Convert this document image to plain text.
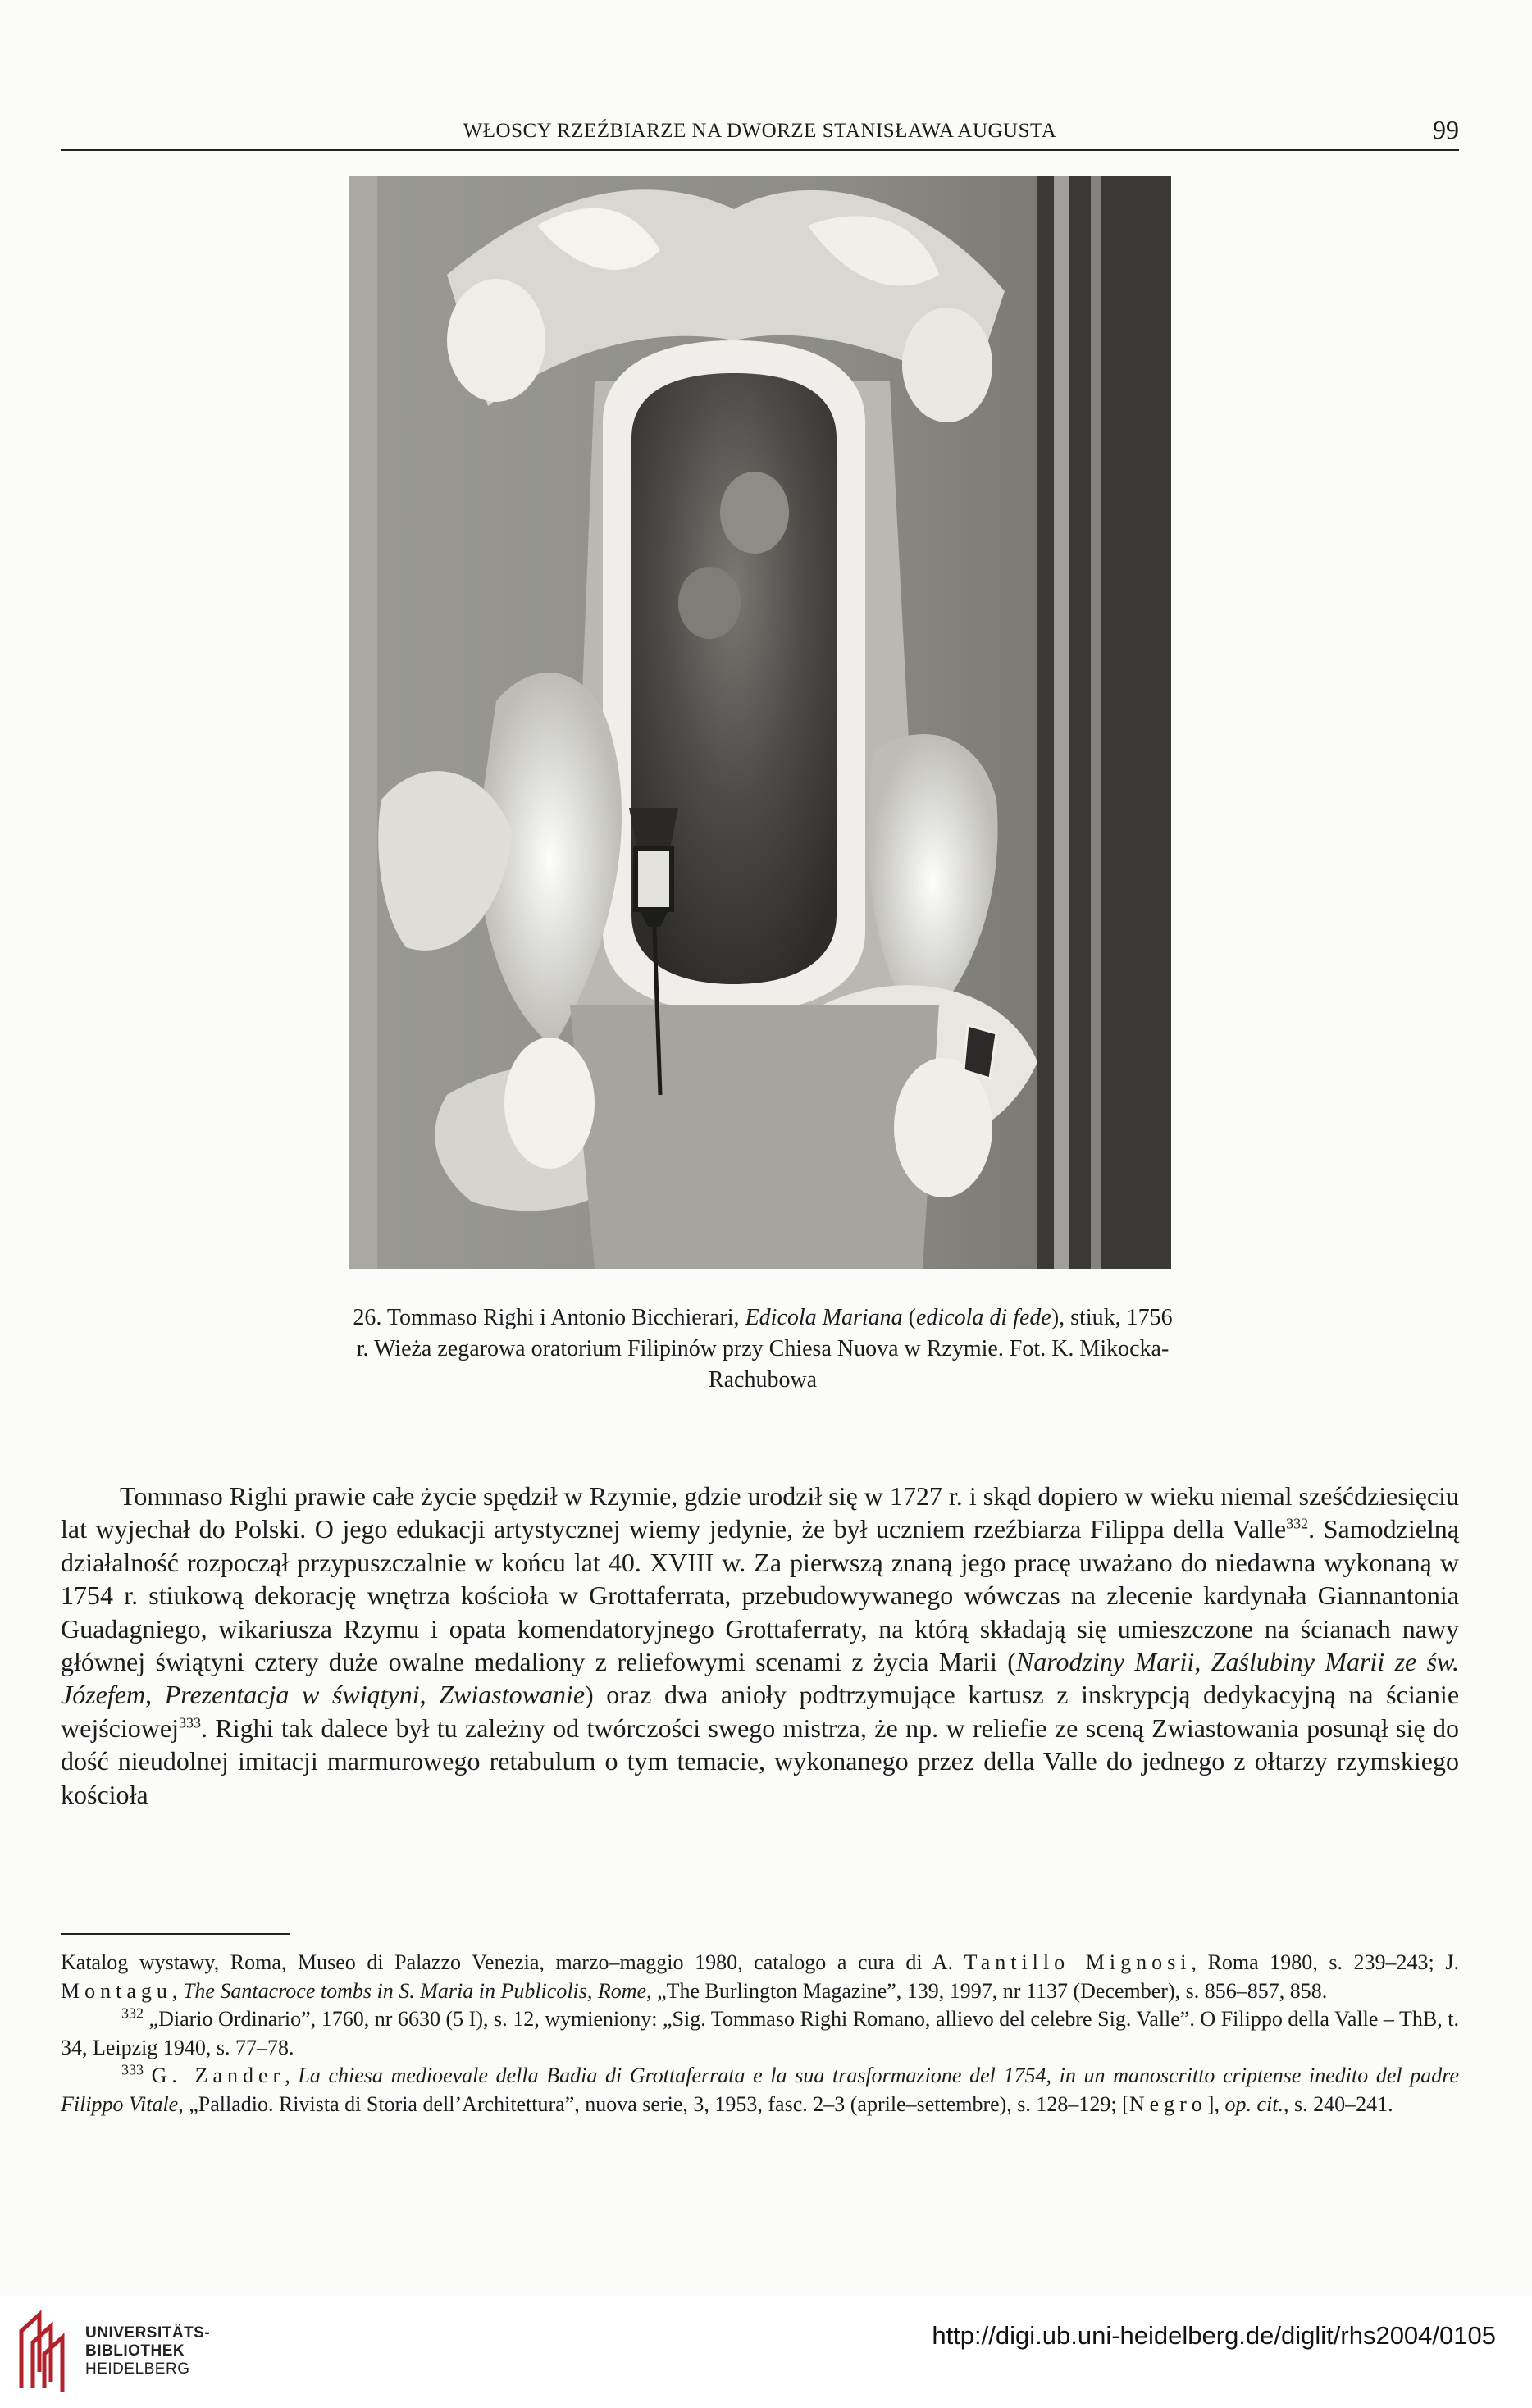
WŁOSCY RZEŹBIARZE NA DWORZE STANISŁAWA AUGUSTA	99
26. Tommaso Righi i Antonio Bicchierari, Edicola Mariana (edicola di fede), stiuk, 1756 r. Wieża zegarowa oratorium Filipinów przy Chiesa Nuova w Rzymie. Fot. K. Mikocka-Rachubowa

Tommaso Righi prawie całe życie spędził w Rzymie, gdzie urodził się w 1727 r. i skąd dopiero w wieku niemal sześćdziesięciu lat wyjechał do Polski. O jego edukacji artystycznej wiemy jedynie, że był uczniem rzeźbiarza Filippa della Valle$^{332}$. Samodzielną działalność rozpoczął przypuszczalnie w końcu lat 40. XVIII w. Za pierwszą znaną jego pracę uważano do niedawna wykonaną w 1754 r. stiukową dekorację wnętrza kościoła w Grottaferrata, przebudowywanego wówczas na zlecenie kardynała Giannantonia Guadagniego, wikariusza Rzymu i opata komendatoryjnego Grottaferraty, na którą składają się umieszczone na ścianach nawy głównej świątyni cztery duże owalne medaliony z reliefowymi scenami z życia Marii (Narodziny Marii, Zaślubiny Marii ze św. Józefem, Prezentacja w świątyni, Zwiastowanie) oraz dwa anioły podtrzymujące kartusz z inskrypcją dedykacyjną na ścianie wejściowej$^{333}$. Righi tak dalece był tu zależny od twórczości swego mistrza, że np. w reliefie ze sceną Zwiastowania posunął się do dość nieudolnej imitacji marmurowego retabulum o tym temacie, wykonanego przez della Valle do jednego z ołtarzy rzymskiego kościoła

Katalog wystawy, Roma, Museo di Palazzo Venezia, marzo–maggio 1980, catalogo a cura di A. Tantillo Mignosi, Roma 1980, s. 239–243; J. Montagu, The Santacroce tombs in S. Maria in Publicolis, Rome, „The Burlington Magazine”, 139, 1997, nr 1137 (December), s. 856–857, 858.

$^{332}$ „Diario Ordinario”, 1760, nr 6630 (5 I), s. 12, wymieniony: „Sig. Tommaso Righi Romano, allievo del celebre Sig. Valle”. O Filippo della Valle – ThB, t. 34, Leipzig 1940, s. 77–78.

$^{333}$ G. Zander, La chiesa medioevale della Badia di Grottaferrata e la sua trasformazione del 1754, in un manoscritto criptense inedito del padre Filippo Vitale, „Palladio. Rivista di Storia dell’Architettura”, nuova serie, 3, 1953, fasc. 2–3 (aprile–settembre), s. 128–129; [Negro], op. cit., s. 240–241.

UNIVERSITÄTS-
BIBLIOTHEK
HEIDELBERG
http://digi.ub.uni-heidelberg.de/diglit/rhs2004/0105
